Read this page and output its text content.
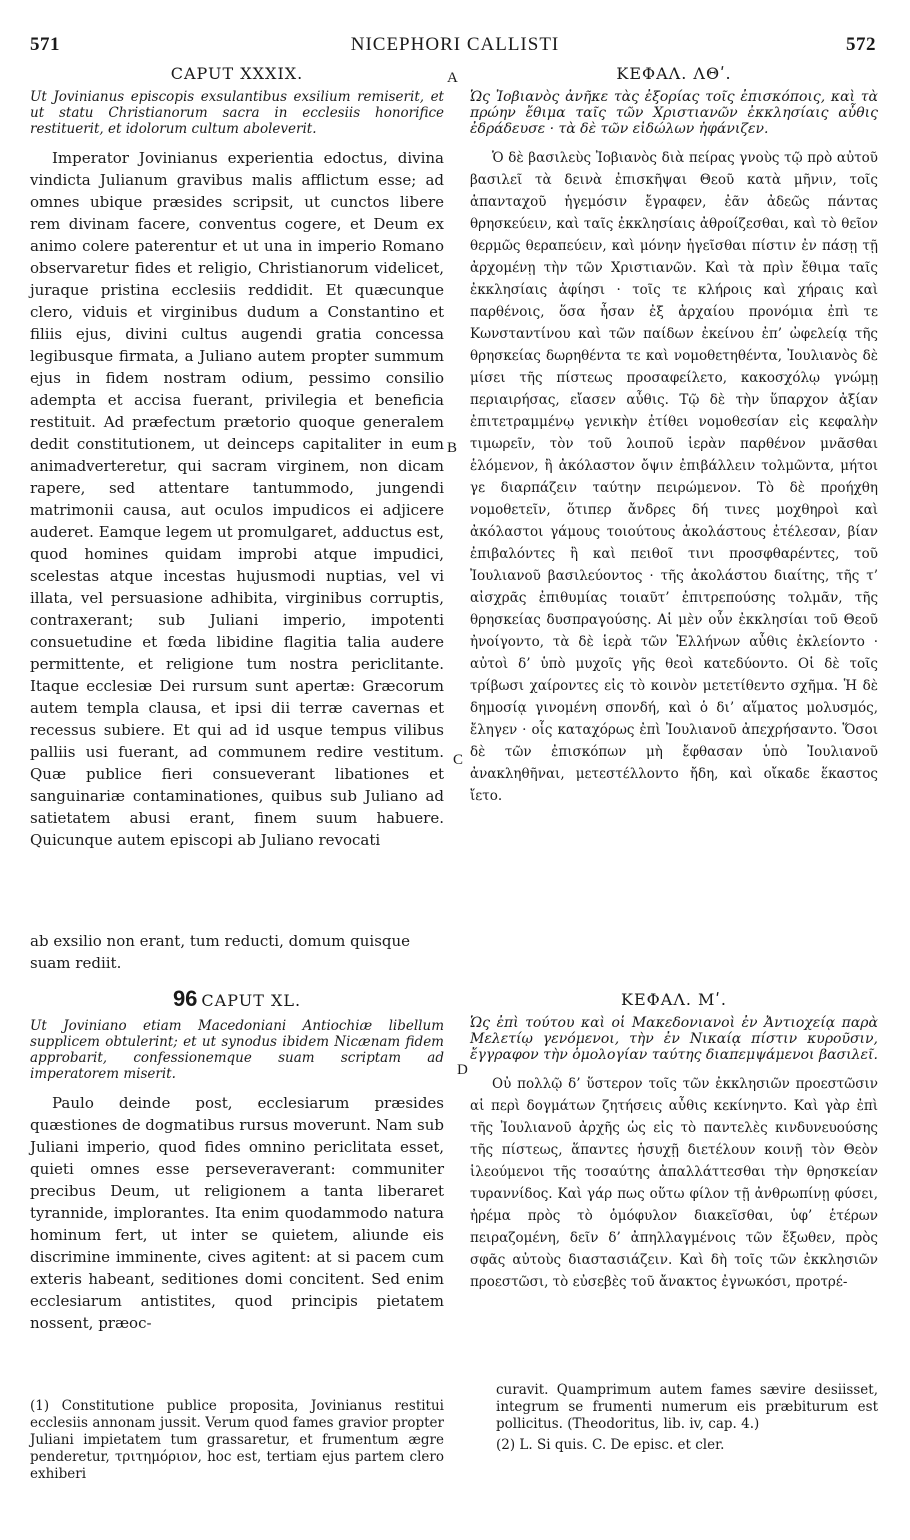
571	NICEPHORI CALLISTI	572
A
B
C
D

CAPUT XXXIX.

Ut Jovinianus episcopis exsulantibus exsilium remiserit, et ut statu Christianorum sacra in ecclesiis honorifice restituerit, et idolorum cultum aboleverit.

Imperator Jovinianus experientia edoctus, divina vindicta Julianum gravibus malis afflictum esse; ad omnes ubique præsides scripsit, ut cunctos libere rem divinam facere, conventus cogere, et Deum ex animo colere paterentur et ut una in imperio Romano observaretur fides et religio, Christianorum videlicet, juraque pristina ecclesiis reddidit. Et quæcunque clero, viduis et virginibus dudum a Constantino et filiis ejus, divini cultus augendi gratia concessa legibusque firmata, a Juliano autem propter summum ejus in fidem nostram odium, pessimo consilio adempta et accisa fuerant, privilegia et beneficia restituit. Ad præfectum prætorio quoque generalem dedit constitutionem, ut deinceps capitaliter in eum animadverteretur, qui sacram virginem, non dicam rapere, sed attentare tantummodo, jungendi matrimonii causa, aut oculos impudicos ei adjicere auderet. Eamque legem ut promulgaret, adductus est, quod homines quidam improbi atque impudici, scelestas atque incestas hujusmodi nuptias, vel vi illata, vel persuasione adhibita, virginibus corruptis, contraxerant; sub Juliani imperio, impotenti consuetudine et fœda libidine flagitia talia audere permittente, et religione tum nostra periclitante. Itaque ecclesiæ Dei rursum sunt apertæ: Græcorum autem templa clausa, et ipsi dii terræ cavernas et recessus subiere. Et qui ad id usque tempus vilibus palliis usi fuerant, ad communem redire vestitum. Quæ publice fieri consueverant libationes et sanguinariæ contaminationes, quibus sub Juliano ad satietatem abusi erant, finem suum habuere. Quicunque autem episcopi ab Juliano revocati

ΚΕΦΑΛ. ΛΘʹ.

Ὡς Ἰοβιανὸς ἀνῆκε τὰς ἐξορίας τοῖς ἐπισκόποις, καὶ τὰ πρώην ἔθιμα ταῖς τῶν Χριστιανῶν ἐκκλησίαις αὖθις ἐδράδευσε · τὰ δὲ τῶν εἰδώλων ἠφάνιζεν.

Ὁ δὲ βασιλεὺς Ἰοβιανὸς διὰ πείρας γνοὺς τῷ πρὸ αὐτοῦ βασιλεῖ τὰ δεινὰ ἐπισκῆψαι Θεοῦ κατὰ μῆνιν, τοῖς ἁπανταχοῦ ἡγεμόσιν ἔγραφεν, ἐᾶν ἀδεῶς πάντας θρησκεύειν, καὶ ταῖς ἐκκλησίαις ἀθροίζεσθαι, καὶ τὸ θεῖον θερμῶς θεραπεύειν, καὶ μόνην ἡγεῖσθαι πίστιν ἐν πάσῃ τῇ ἀρχομένῃ τὴν τῶν Χριστιανῶν. Καὶ τὰ πρὶν ἔθιμα ταῖς ἐκκλησίαις ἀφίησι · τοῖς τε κλήροις καὶ χήραις καὶ παρθένοις, ὅσα ἦσαν ἐξ ἀρχαίου προνόμια ἐπὶ τε Κωνσταντίνου καὶ τῶν παίδων ἐκείνου ἐπ’ ὠφελείᾳ τῆς θρησκείας δωρηθέντα τε καὶ νομοθετηθέντα, Ἰουλιανὸς δὲ μίσει τῆς πίστεως προσαφείλετο, κακοσχόλῳ γνώμῃ περιαιρήσας, εἴασεν αὖθις. Τῷ δὲ τὴν ὕπαρχον ἀξίαν ἐπιτετραμμένῳ γενικὴν ἐτίθει νομοθεσίαν εἰς κεφαλὴν τιμωρεῖν, τὸν τοῦ λοιποῦ ἱερὰν παρθένον μνᾶσθαι ἑλόμενον, ἢ ἀκόλαστον ὄψιν ἐπιβάλλειν τολμῶντα, μήτοι γε διαρπάζειν ταύτην πειρώμενον. Τὸ δὲ προήχθη νομοθετεῖν, ὅτιπερ ἄνδρες δή τινες μοχθηροὶ καὶ ἀκόλαστοι γάμους τοιούτους ἀκολάστους ἐτέλεσαν, βίαν ἐπιβαλόντες ἢ καὶ πειθοῖ τινι προσφθαρέντες, τοῦ Ἰουλιανοῦ βασιλεύοντος · τῆς ἀκολάστου διαίτης, τῆς τ’ αἰσχρᾶς ἐπιθυμίας τοιαῦτ’ ἐπιτρεπούσης τολμᾶν, τῆς θρησκείας δυσπραγούσης. Αἱ μὲν οὖν ἐκκλησίαι τοῦ Θεοῦ ἠνοίγοντο, τὰ δὲ ἱερὰ τῶν Ἑλλήνων αὖθις ἐκλείοντο · αὐτοὶ δ’ ὑπὸ μυχοῖς γῆς θεοὶ κατεδύοντο. Οἱ δὲ τοῖς τρίβωσι χαίροντες εἰς τὸ κοινὸν μετετίθεντο σχῆμα. Ἡ δὲ δημοσίᾳ γινομένη σπονδή, καὶ ὁ δι’ αἵματος μολυσμός, ἔληγεν · οἷς καταχόρως ἐπὶ Ἰουλιανοῦ ἀπεχρήσαντο. Ὅσοι δὲ τῶν ἐπισκόπων μὴ ἔφθασαν ὑπὸ Ἰουλιανοῦ ἀνακληθῆναι, μετεστέλλοντο ἤδη, καὶ οἴκαδε ἕκαστος ἴετο.

ab exsilio non erant, tum reducti, domum quisque suam rediit.

96 CAPUT XL.

Ut Joviniano etiam Macedoniani Antiochiæ libellum supplicem obtulerint; et ut synodus ibidem Nicænam fidem approbarit, confessionemque suam scriptam ad imperatorem miserit.

Paulo deinde post, ecclesiarum præsides quæstiones de dogmatibus rursus moverunt. Nam sub Juliani imperio, quod fides omnino periclitata esset, quieti omnes esse perseveraverant: communiter precibus Deum, ut religionem a tanta liberaret tyrannide, implorantes. Ita enim quodammodo natura hominum fert, ut inter se quietem, aliunde eis discrimine imminente, cives agitent: at si pacem cum exteris habeant, seditiones domi concitent. Sed enim ecclesiarum antistites, quod principis pietatem nossent, præoc-

ΚΕΦΑΛ. Μʹ.

Ὡς ἐπὶ τούτου καὶ οἱ Μακεδονιανοὶ ἐν Ἀντιοχείᾳ παρὰ Μελετίῳ γενόμενοι, τὴν ἐν Νικαίᾳ πίστιν κυροῦσιν, ἔγγραφον τὴν ὁμολογίαν ταύτης διαπεμψάμενοι βασιλεῖ.

Οὐ πολλῷ δ’ ὕστερον τοῖς τῶν ἐκκλησιῶν προεστῶσιν αἱ περὶ δογμάτων ζητήσεις αὖθις κεκίνηντο. Καὶ γὰρ ἐπὶ τῆς Ἰουλιανοῦ ἀρχῆς ὡς εἰς τὸ παντελὲς κινδυνευούσης τῆς πίστεως, ἅπαντες ἡσυχῇ διετέλουν κοινῇ τὸν Θεὸν ἱλεούμενοι τῆς τοσαύτης ἀπαλλάττεσθαι τὴν θρησκείαν τυραννίδος. Καὶ γάρ πως οὕτω φίλον τῇ ἀνθρωπίνῃ φύσει, ἠρέμα πρὸς τὸ ὁμόφυλον διακεῖσθαι, ὑφ’ ἑτέρων πειραζομένη, δεῖν δ’ ἀπηλλαγμένοις τῶν ἔξωθεν, πρὸς σφᾶς αὐτοὺς διαστασιάζειν. Καὶ δὴ τοῖς τῶν ἐκκλησιῶν προεστῶσι, τὸ εὐσεβὲς τοῦ ἄνακτος ἐγνωκόσι, προτρέ-

(1) Constitutione publice proposita, Jovinianus restitui ecclesiis annonam jussit. Verum quod fames gravior propter Juliani impietatem tum grassaretur, et frumentum ægre penderetur, τριτημόριον, hoc est, tertiam ejus partem clero exhiberi

curavit. Quamprimum autem fames sævire desiisset, integrum se frumenti numerum eis præbiturum est pollicitus. (Theodoritus, lib. iv, cap. 4.)

(2) L. Si quis. C. De episc. et cler.
